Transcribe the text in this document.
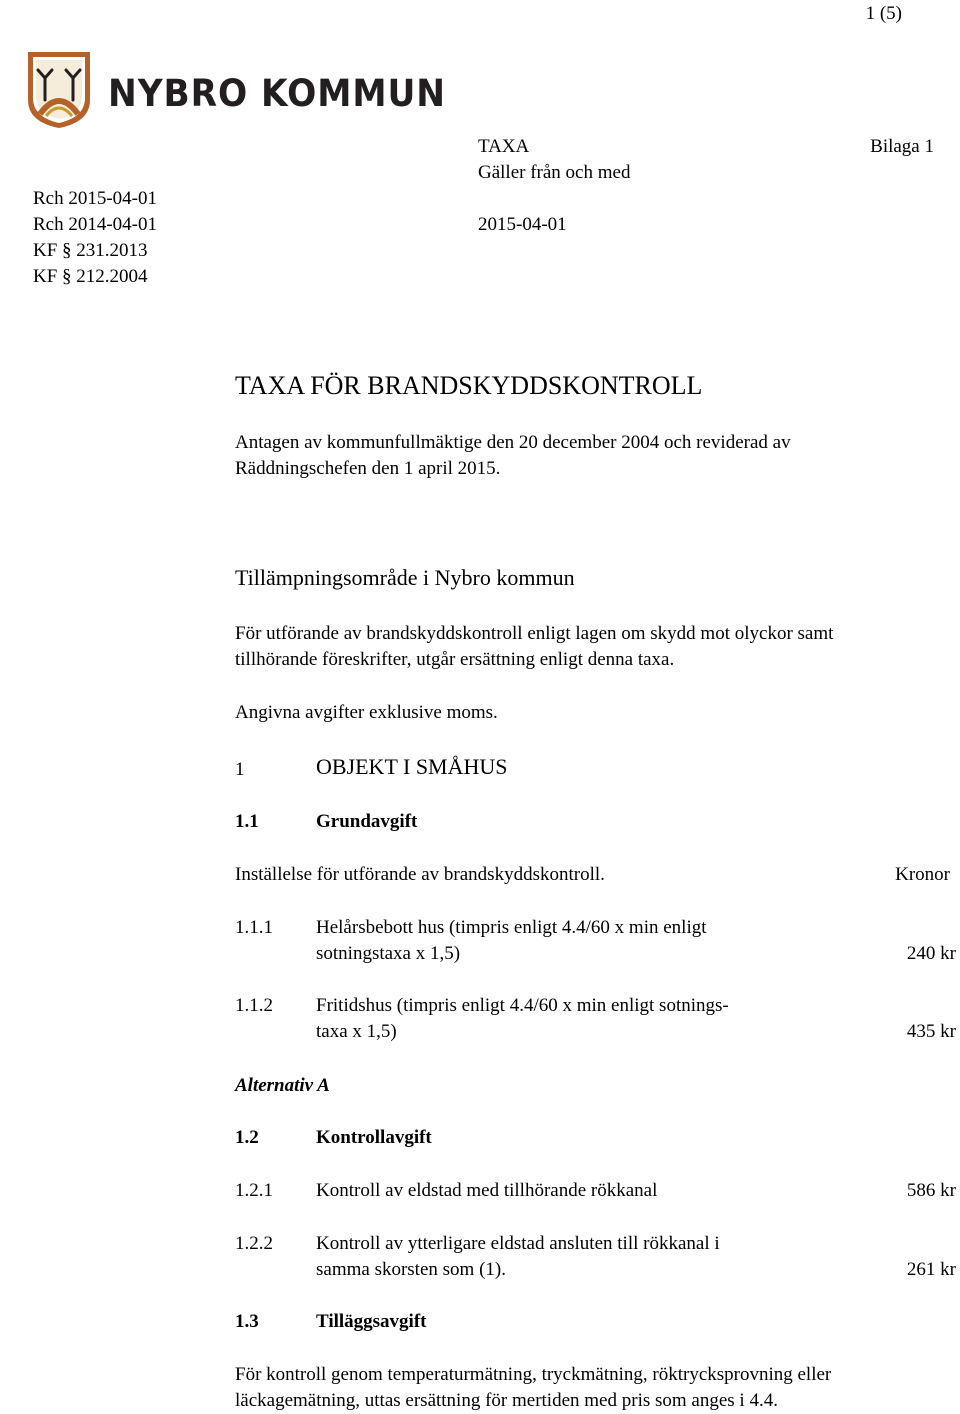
1 (5)
NYBRO KOMMUN
TAXA	Bilaga 1
Gäller från och med
2015-04-01
Rch 2015-04-01
Rch 2014-04-01
KF § 231.2013
KF § 212.2004
TAXA FÖR BRANDSKYDDSKONTROLL
Antagen av kommunfullmäktige den 20 december 2004 och reviderad av
Räddningschefen den 1 april 2015.
Tillämpningsområde i Nybro kommun
För utförande av brandskyddskontroll enligt lagen om skydd mot olyckor samt
tillhörande föreskrifter, utgår ersättning enligt denna taxa.
Angivna avgifter exklusive moms.
1	OBJEKT I SMÅHUS
1.1	Grundavgift
Inställelse för utförande av brandskyddskontroll.	Kronor
1.1.1 Helårsbebott hus (timpris enligt 4.4/60 x min enligt
sotningstaxa x 1,5)	240 kr
1.1.2 Fritidshus (timpris enligt 4.4/60 x min enligt sotnings-
taxa x 1,5)	435 kr
Alternativ A
1.2	Kontrollavgift
1.2.1 Kontroll av eldstad med tillhörande rökkanal	586 kr
1.2.2 Kontroll av ytterligare eldstad ansluten till rökkanal i
samma skorsten som (1).	261 kr
1.3	Tilläggsavgift
För kontroll genom temperaturmätning, tryckmätning, röktrycksprovning eller
läckagemätning, uttas ersättning för mertiden med pris som anges i 4.4.
